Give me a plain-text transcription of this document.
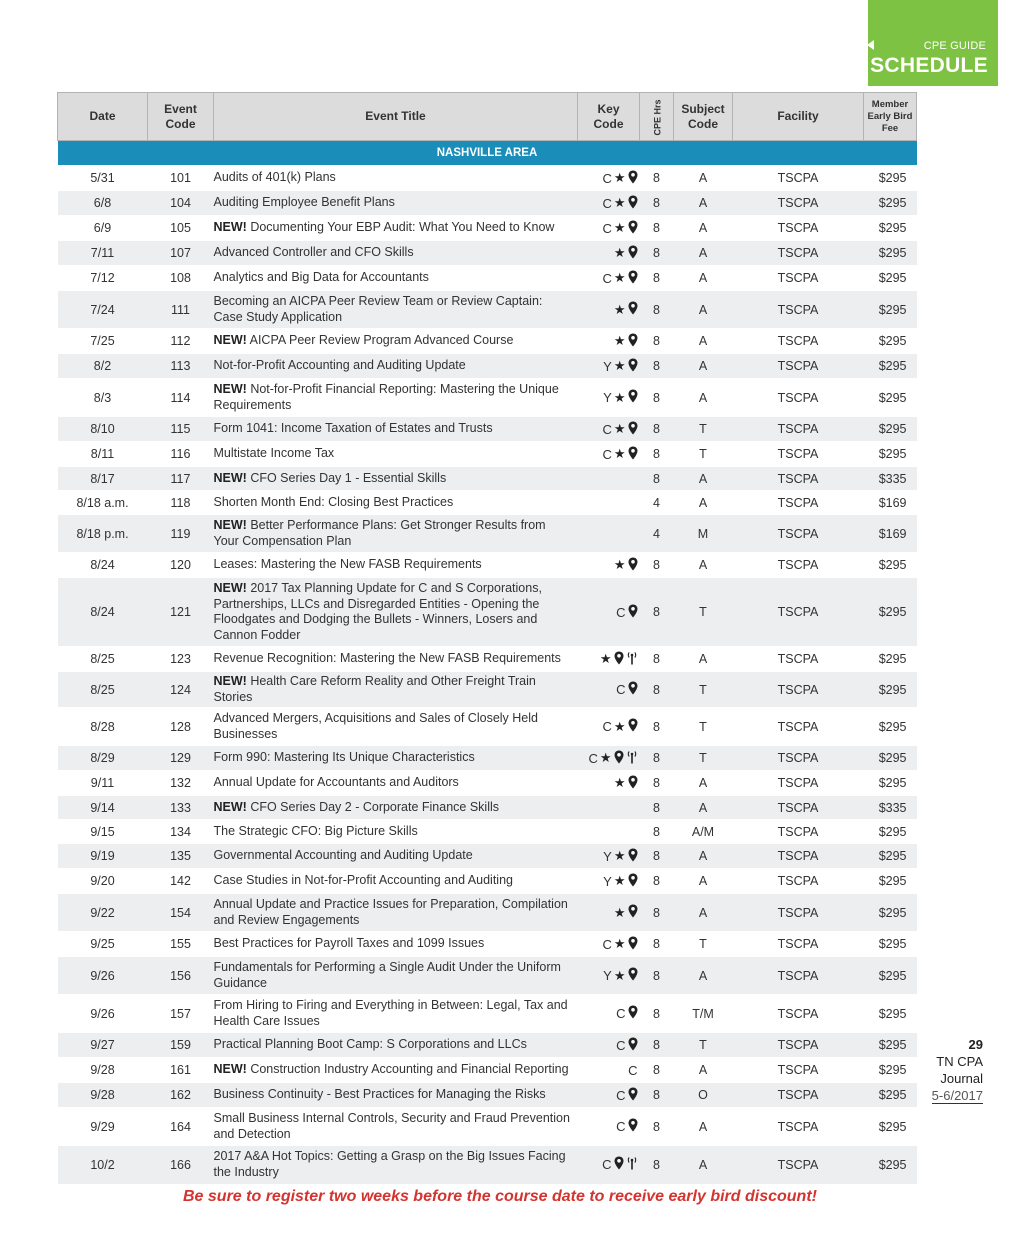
CPE GUIDE
SCHEDULE
Date	Event Code	Event Title	Key Code	CPE Hrs	Subject Code	Facility	Member Early Bird Fee
NASHVILLE AREA							
5/31	101	Audits of 401(k) Plans	C ★	8	A	TSCPA	$295
6/8	104	Auditing Employee Benefit Plans	C ★	8	A	TSCPA	$295
6/9	105	NEW! Documenting Your EBP Audit: What You Need to Know	C ★	8	A	TSCPA	$295
7/11	107	Advanced Controller and CFO Skills	★	8	A	TSCPA	$295
7/12	108	Analytics and Big Data for Accountants	C ★	8	A	TSCPA	$295
7/24	111	Becoming an AICPA Peer Review Team or Review Captain: Case Study Application	★	8	A	TSCPA	$295
7/25	112	NEW! AICPA Peer Review Program Advanced Course	★	8	A	TSCPA	$295
8/2	113	Not-for-Profit Accounting and Auditing Update	Y ★	8	A	TSCPA	$295
8/3	114	NEW! Not-for-Profit Financial Reporting: Mastering the Unique Requirements	Y ★	8	A	TSCPA	$295
8/10	115	Form 1041: Income Taxation of Estates and Trusts	C ★	8	T	TSCPA	$295
8/11	116	Multistate Income Tax	C ★	8	T	TSCPA	$295
8/17	117	NEW! CFO Series Day 1 - Essential Skills		8	A	TSCPA	$335
8/18 a.m.	118	Shorten Month End: Closing Best Practices		4	A	TSCPA	$169
8/18 p.m.	119	NEW! Better Performance Plans: Get Stronger Results from Your Compensation Plan		4	M	TSCPA	$169
8/24	120	Leases: Mastering the New FASB Requirements	★	8	A	TSCPA	$295
8/24	121	NEW! 2017 Tax Planning Update for C and S Corporations, Partnerships, LLCs and Disregarded Entities - Opening the Floodgates and Dodging the Bullets - Winners, Losers and Cannon Fodder	C	8	T	TSCPA	$295
8/25	123	Revenue Recognition: Mastering the New FASB Requirements	★	8	A	TSCPA	$295
8/25	124	NEW! Health Care Reform Reality and Other Freight Train Stories	C	8	T	TSCPA	$295
8/28	128	Advanced Mergers, Acquisitions and Sales of Closely Held Businesses	C ★	8	T	TSCPA	$295
8/29	129	Form 990: Mastering Its Unique Characteristics	C ★	8	T	TSCPA	$295
9/11	132	Annual Update for Accountants and Auditors	★	8	A	TSCPA	$295
9/14	133	NEW! CFO Series Day 2 - Corporate Finance Skills		8	A	TSCPA	$335
9/15	134	The Strategic CFO: Big Picture Skills		8	A/M	TSCPA	$295
9/19	135	Governmental Accounting and Auditing Update	Y ★	8	A	TSCPA	$295
9/20	142	Case Studies in Not-for-Profit Accounting and Auditing	Y ★	8	A	TSCPA	$295
9/22	154	Annual Update and Practice Issues for Preparation, Compilation and Review Engagements	★	8	A	TSCPA	$295
9/25	155	Best Practices for Payroll Taxes and 1099 Issues	C ★	8	T	TSCPA	$295
9/26	156	Fundamentals for Performing a Single Audit Under the Uniform Guidance	Y ★	8	A	TSCPA	$295
9/26	157	From Hiring to Firing and Everything in Between: Legal, Tax and Health Care Issues	C	8	T/M	TSCPA	$295
9/27	159	Practical Planning Boot Camp: S Corporations and LLCs	C	8	T	TSCPA	$295
9/28	161	NEW! Construction Industry Accounting and Financial Reporting	C	8	A	TSCPA	$295
9/28	162	Business Continuity - Best Practices for Managing the Risks	C	8	O	TSCPA	$295
9/29	164	Small Business Internal Controls, Security and Fraud Prevention and Detection	C	8	A	TSCPA	$295
10/2	166	2017 A&A Hot Topics: Getting a Grasp on the Big Issues Facing the Industry	C	8	A	TSCPA	$295
29
TN CPA
Journal
5-6/2017
Be sure to register two weeks before the course date to receive early bird discount!
